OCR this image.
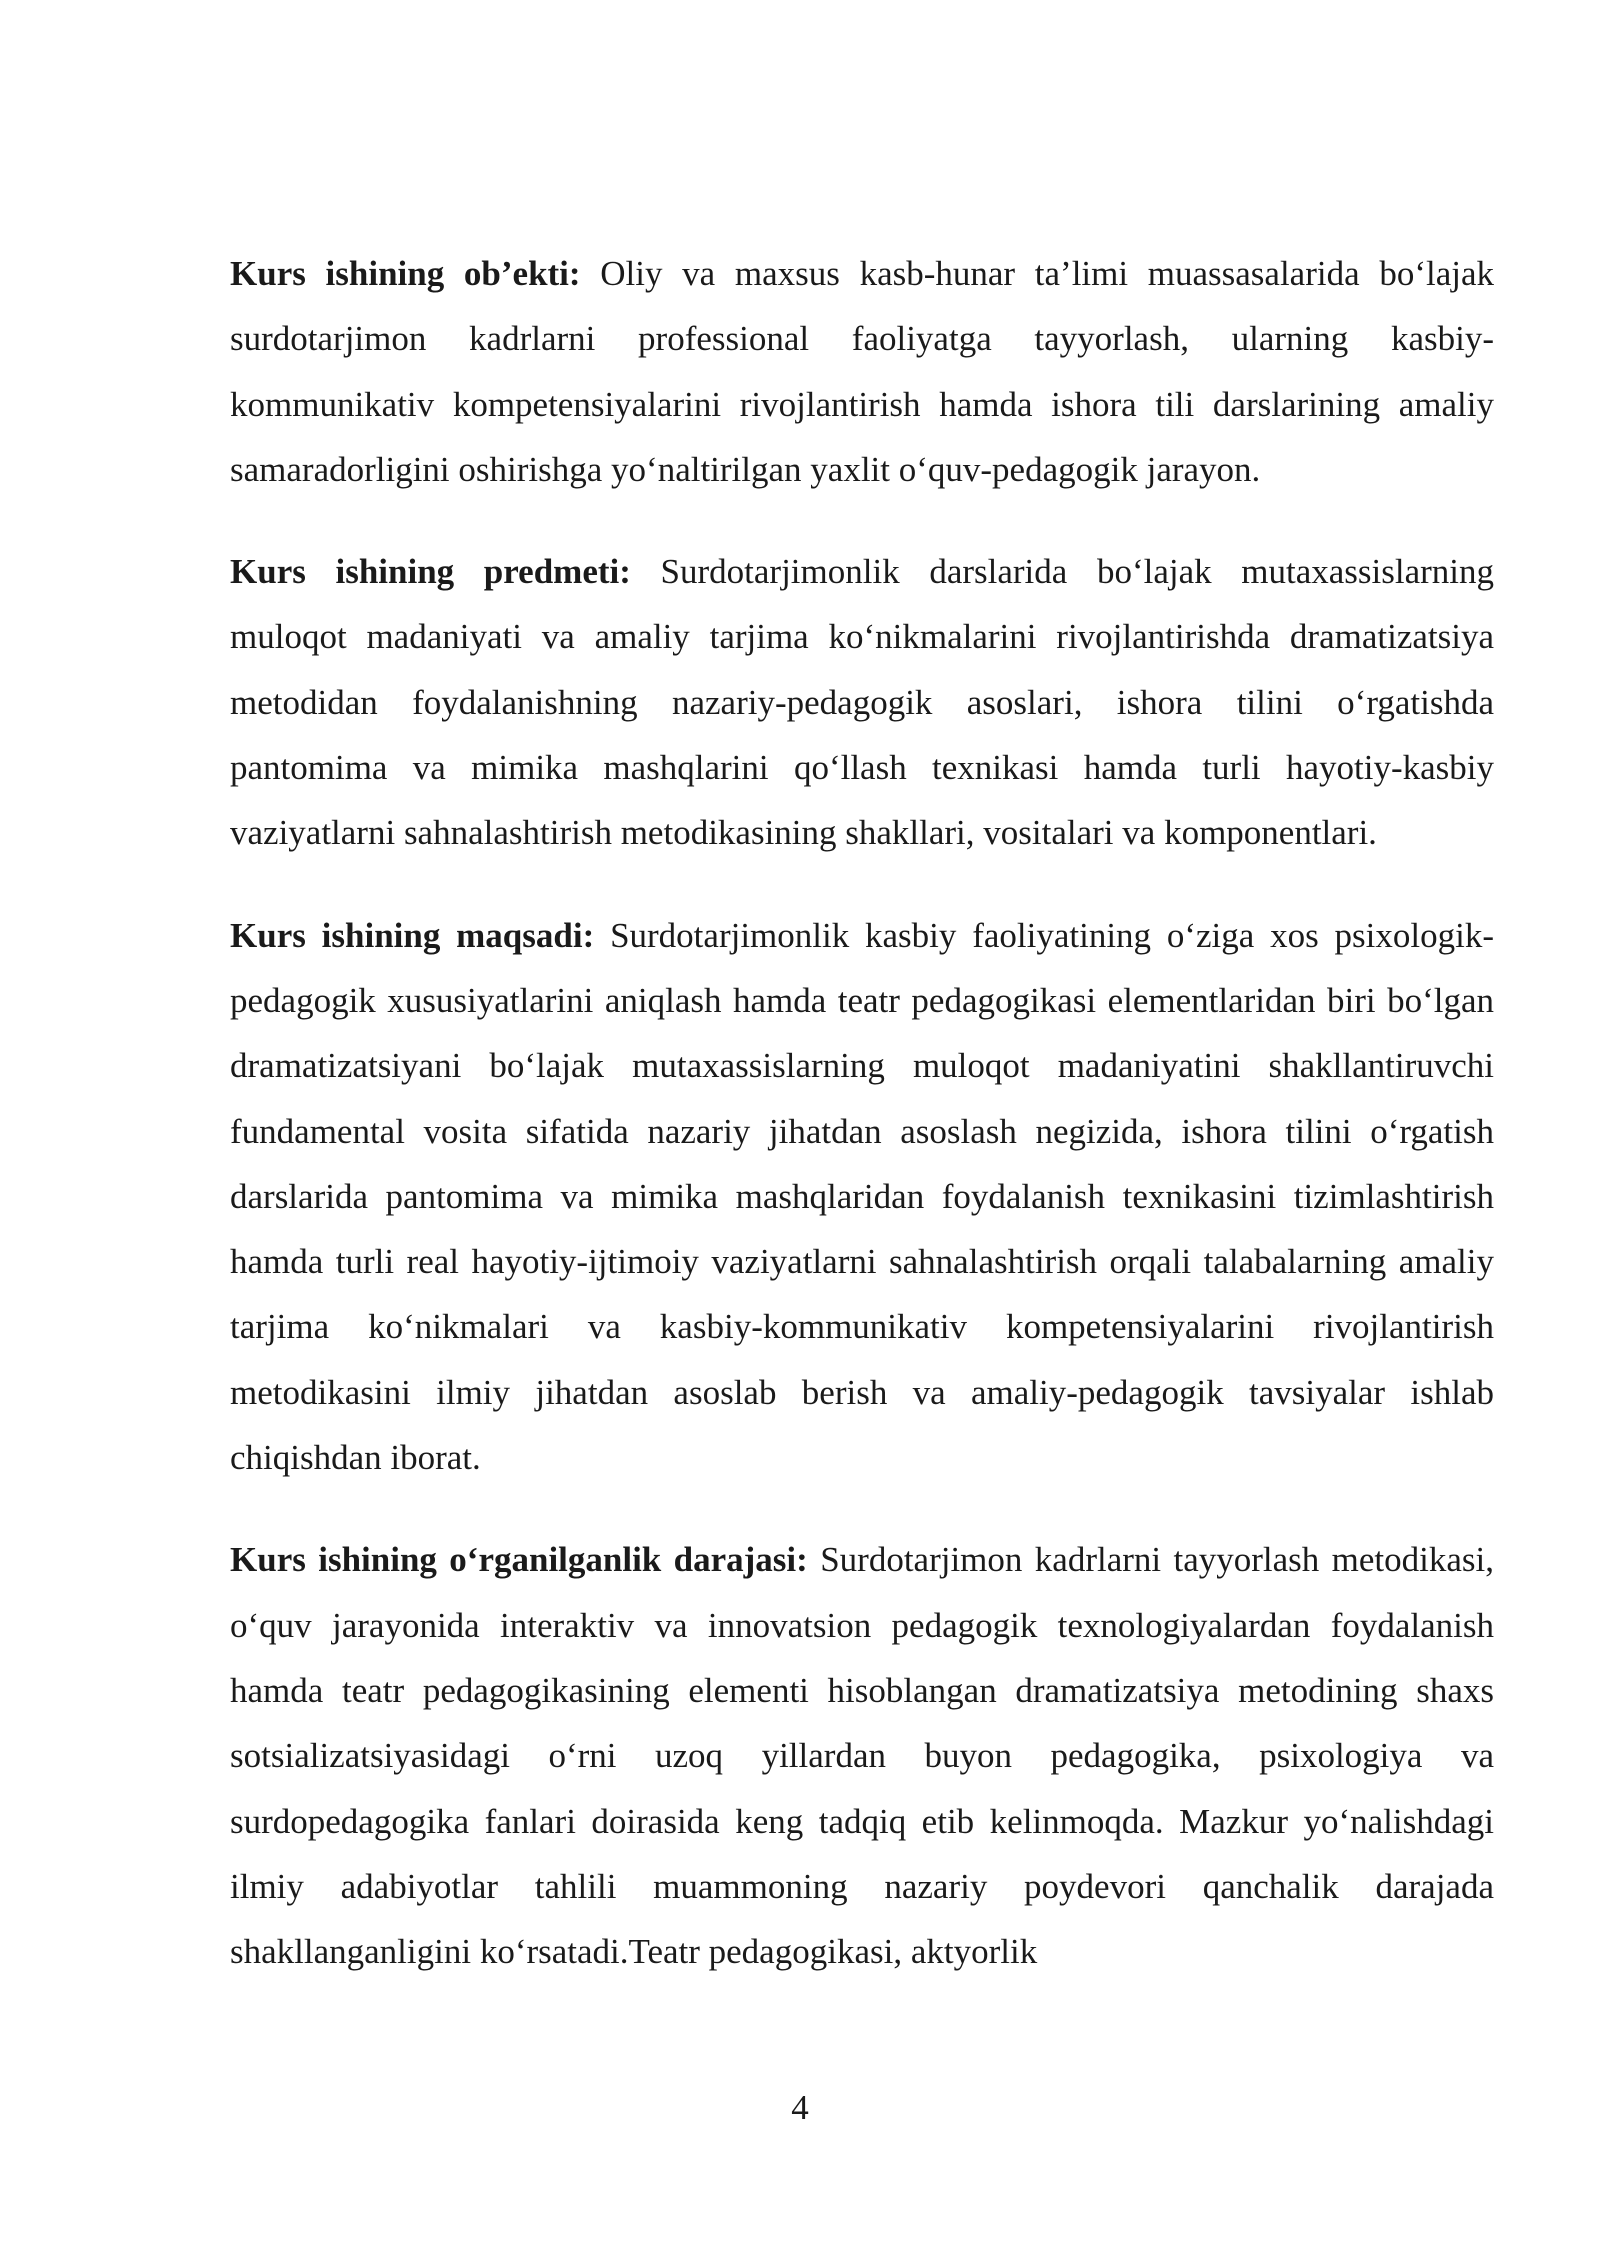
Kurs ishining ob’ekti: Oliy va maxsus kasb-hunar ta’limi muassasalarida bo‘lajak surdotarjimon kadrlarni professional faoliyatga tayyorlash, ularning kasbiy-kommunikativ kompetensiyalarini rivojlantirish hamda ishora tili darslarining amaliy samaradorligini oshirishga yo‘naltirilgan yaxlit o‘quv-pedagogik jarayon.

Kurs ishining predmeti: Surdotarjimonlik darslarida bo‘lajak mutaxassislarning muloqot madaniyati va amaliy tarjima ko‘nikmalarini rivojlantirishda dramatizatsiya metodidan foydalanishning nazariy-pedagogik asoslari, ishora tilini o‘rgatishda pantomima va mimika mashqlarini qo‘llash texnikasi hamda turli hayotiy-kasbiy vaziyatlarni sahnalashtirish metodikasining shakllari, vositalari va komponentlari.

Kurs ishining maqsadi: Surdotarjimonlik kasbiy faoliyatining o‘ziga xos psixologik-pedagogik xususiyatlarini aniqlash hamda teatr pedagogikasi elementlaridan biri bo‘lgan dramatizatsiyani bo‘lajak mutaxassislarning muloqot madaniyatini shakllantiruvchi fundamental vosita sifatida nazariy jihatdan asoslash negizida, ishora tilini o‘rgatish darslarida pantomima va mimika mashqlaridan foydalanish texnikasini tizimlashtirish hamda turli real hayotiy-ijtimoiy vaziyatlarni sahnalashtirish orqali talabalarning amaliy tarjima ko‘nikmalari va kasbiy-kommunikativ kompetensiyalarini rivojlantirish metodikasini ilmiy jihatdan asoslab berish va amaliy-pedagogik tavsiyalar ishlab chiqishdan iborat.

Kurs ishining o‘rganilganlik darajasi: Surdotarjimon kadrlarni tayyorlash metodikasi, o‘quv jarayonida interaktiv va innovatsion pedagogik texnologiyalardan foydalanish hamda teatr pedagogikasining elementi hisoblangan dramatizatsiya metodining shaxs sotsializatsiyasidagi o‘rni uzoq yillardan buyon pedagogika, psixologiya va surdopedagogika fanlari doirasida keng tadqiq etib kelinmoqda. Mazkur yo‘nalishdagi ilmiy adabiyotlar tahlili muammoning nazariy poydevori qanchalik darajada shakllanganligini ko‘rsatadi.Teatr pedagogikasi, aktyorlik

4
